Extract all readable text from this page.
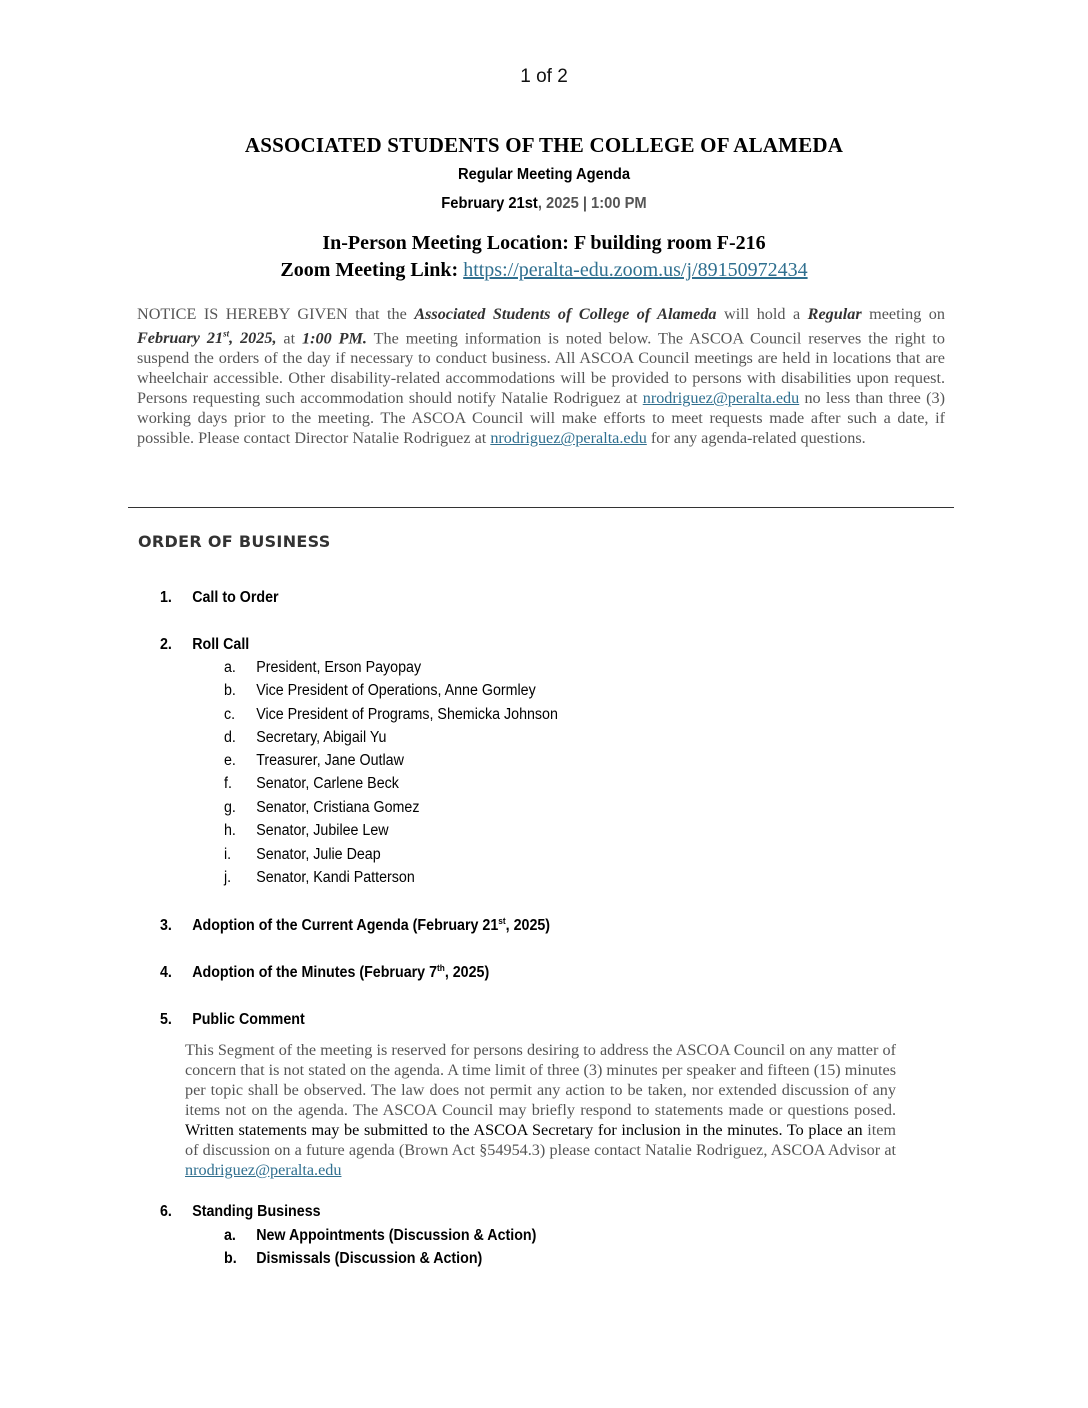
1 of 2
ASSOCIATED STUDENTS OF THE COLLEGE OF ALAMEDA
Regular Meeting Agenda
February 21st, 2025 | 1:00 PM
In-Person Meeting Location: F building room F-216
Zoom Meeting Link: https://peralta-edu.zoom.us/j/89150972434
NOTICE IS HEREBY GIVEN that the Associated Students of College of Alameda will hold a Regular meeting on February 21st, 2025, at 1:00 PM. The meeting information is noted below. The ASCOA Council reserves the right to suspend the orders of the day if necessary to conduct business. All ASCOA Council meetings are held in locations that are wheelchair accessible. Other disability-related accommodations will be provided to persons with disabilities upon request. Persons requesting such accommodation should notify Natalie Rodriguez at nrodriguez@peralta.edu no less than three (3) working days prior to the meeting. The ASCOA Council will make efforts to meet requests made after such a date, if possible. Please contact Director Natalie Rodriguez at nrodriguez@peralta.edu for any agenda-related questions.
ORDER OF BUSINESS
1. Call to Order
2. Roll Call
a. President, Erson Payopay
b. Vice President of Operations, Anne Gormley
c. Vice President of Programs, Shemicka Johnson
d. Secretary, Abigail Yu
e. Treasurer, Jane Outlaw
f. Senator, Carlene Beck
g. Senator, Cristiana Gomez
h. Senator, Jubilee Lew
i. Senator, Julie Deap
j. Senator, Kandi Patterson
3. Adoption of the Current Agenda (February 21st, 2025)
4. Adoption of the Minutes (February 7th, 2025)
5. Public Comment
This Segment of the meeting is reserved for persons desiring to address the ASCOA Council on any matter of concern that is not stated on the agenda. A time limit of three (3) minutes per speaker and fifteen (15) minutes per topic shall be observed. The law does not permit any action to be taken, nor extended discussion of any items not on the agenda. The ASCOA Council may briefly respond to statements made or questions posed. Written statements may be submitted to the ASCOA Secretary for inclusion in the minutes. To place an item of discussion on a future agenda (Brown Act §54954.3) please contact Natalie Rodriguez, ASCOA Advisor at nrodriguez@peralta.edu
6. Standing Business
a. New Appointments (Discussion & Action)
b. Dismissals (Discussion & Action)
